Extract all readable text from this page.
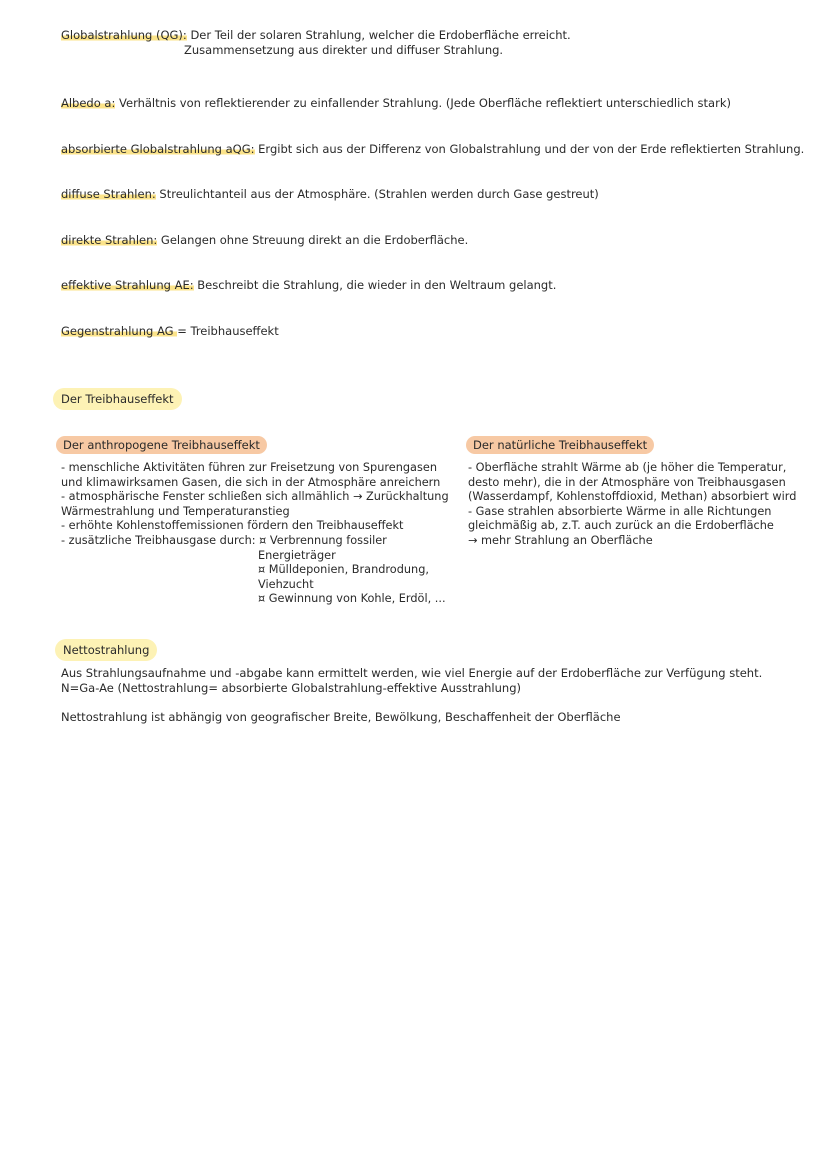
Globalstrahlung (QG): Der Teil der solaren Strahlung, welcher die Erdoberfläche erreicht.
Zusammensetzung aus direkter und diffuser Strahlung.
Albedo a: Verhältnis von reflektierender zu einfallender Strahlung. (Jede Oberfläche reflektiert unterschiedlich stark)
absorbierte Globalstrahlung aQG: Ergibt sich aus der Differenz von Globalstrahlung und der von der Erde reflektierten Strahlung.
diffuse Strahlen: Streulichtanteil aus der Atmosphäre. (Strahlen werden durch Gase gestreut)
direkte Strahlen: Gelangen ohne Streuung direkt an die Erdoberfläche.
effektive Strahlung AE: Beschreibt die Strahlung, die wieder in den Weltraum gelangt.
Gegenstrahlung AG = Treibhauseffekt
Der Treibhauseffekt
Der anthropogene Treibhauseffekt	Der natürliche Treibhauseffekt
- menschliche Aktivitäten führen zur Freisetzung von Spurengasen
und klimawirksamen Gasen, die sich in der Atmosphäre anreichern
- atmosphärische Fenster schließen sich allmählich → Zurückhaltung
Wärmestrahlung und Temperaturanstieg
- erhöhte Kohlenstoffemissionen fördern den Treibhauseffekt
- zusätzliche Treibhausgase durch: ¤ Verbrennung fossiler
Energieträger
¤ Mülldeponien, Brandrodung,
Viehzucht
¤ Gewinnung von Kohle, Erdöl, ...
- Oberfläche strahlt Wärme ab (je höher die Temperatur,
desto mehr), die in der Atmosphäre von Treibhausgasen
(Wasserdampf, Kohlenstoffdioxid, Methan) absorbiert wird
- Gase strahlen absorbierte Wärme in alle Richtungen
gleichmäßig ab, z.T. auch zurück an die Erdoberfläche
→ mehr Strahlung an Oberfläche
Nettostrahlung
Aus Strahlungsaufnahme und -abgabe kann ermittelt werden, wie viel Energie auf der Erdoberfläche zur Verfügung steht.
N=Ga-Ae (Nettostrahlung= absorbierte Globalstrahlung-effektive Ausstrahlung)
Nettostrahlung ist abhängig von geografischer Breite, Bewölkung, Beschaffenheit der Oberfläche
